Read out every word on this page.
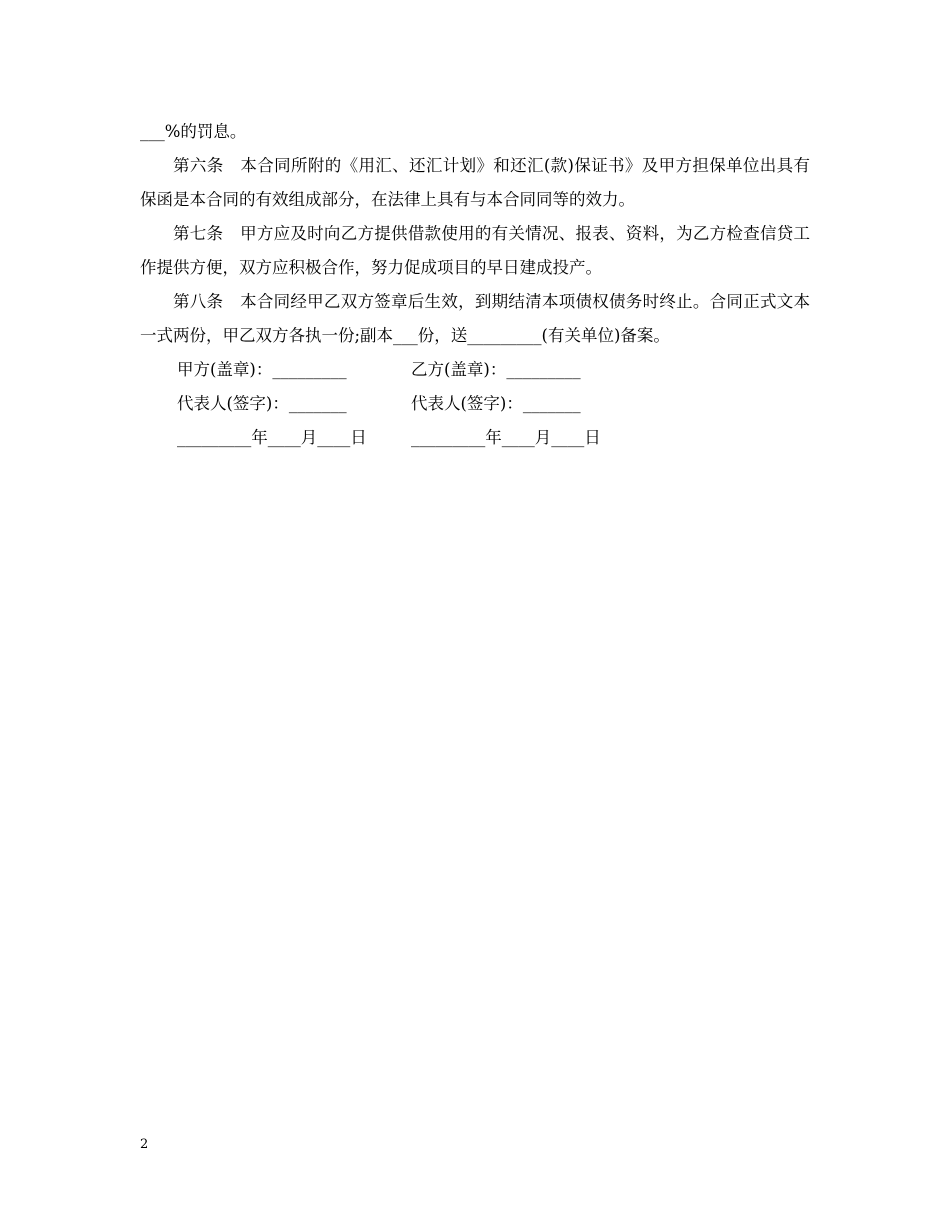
___%的罚息。

第六条　本合同所附的《用汇、还汇计划》和还汇(款)保证书》及甲方担保单位出具有保函是本合同的有效组成部分，在法律上具有与本合同同等的效力。

第七条　甲方应及时向乙方提供借款使用的有关情况、报表、资料，为乙方检查信贷工作提供方便，双方应积极合作，努力促成项目的早日建成投产。

第八条　本合同经甲乙双方签章后生效，到期结清本项债权债务时终止。合同正式文本一式两份，甲乙双方各执一份;副本___份，送_________(有关单位)备案。

甲方(盖章)：_________	乙方(盖章)：_________
代表人(签字)：_______	代表人(签字)：_______
_________年____月____日	_________年____月____日
2
